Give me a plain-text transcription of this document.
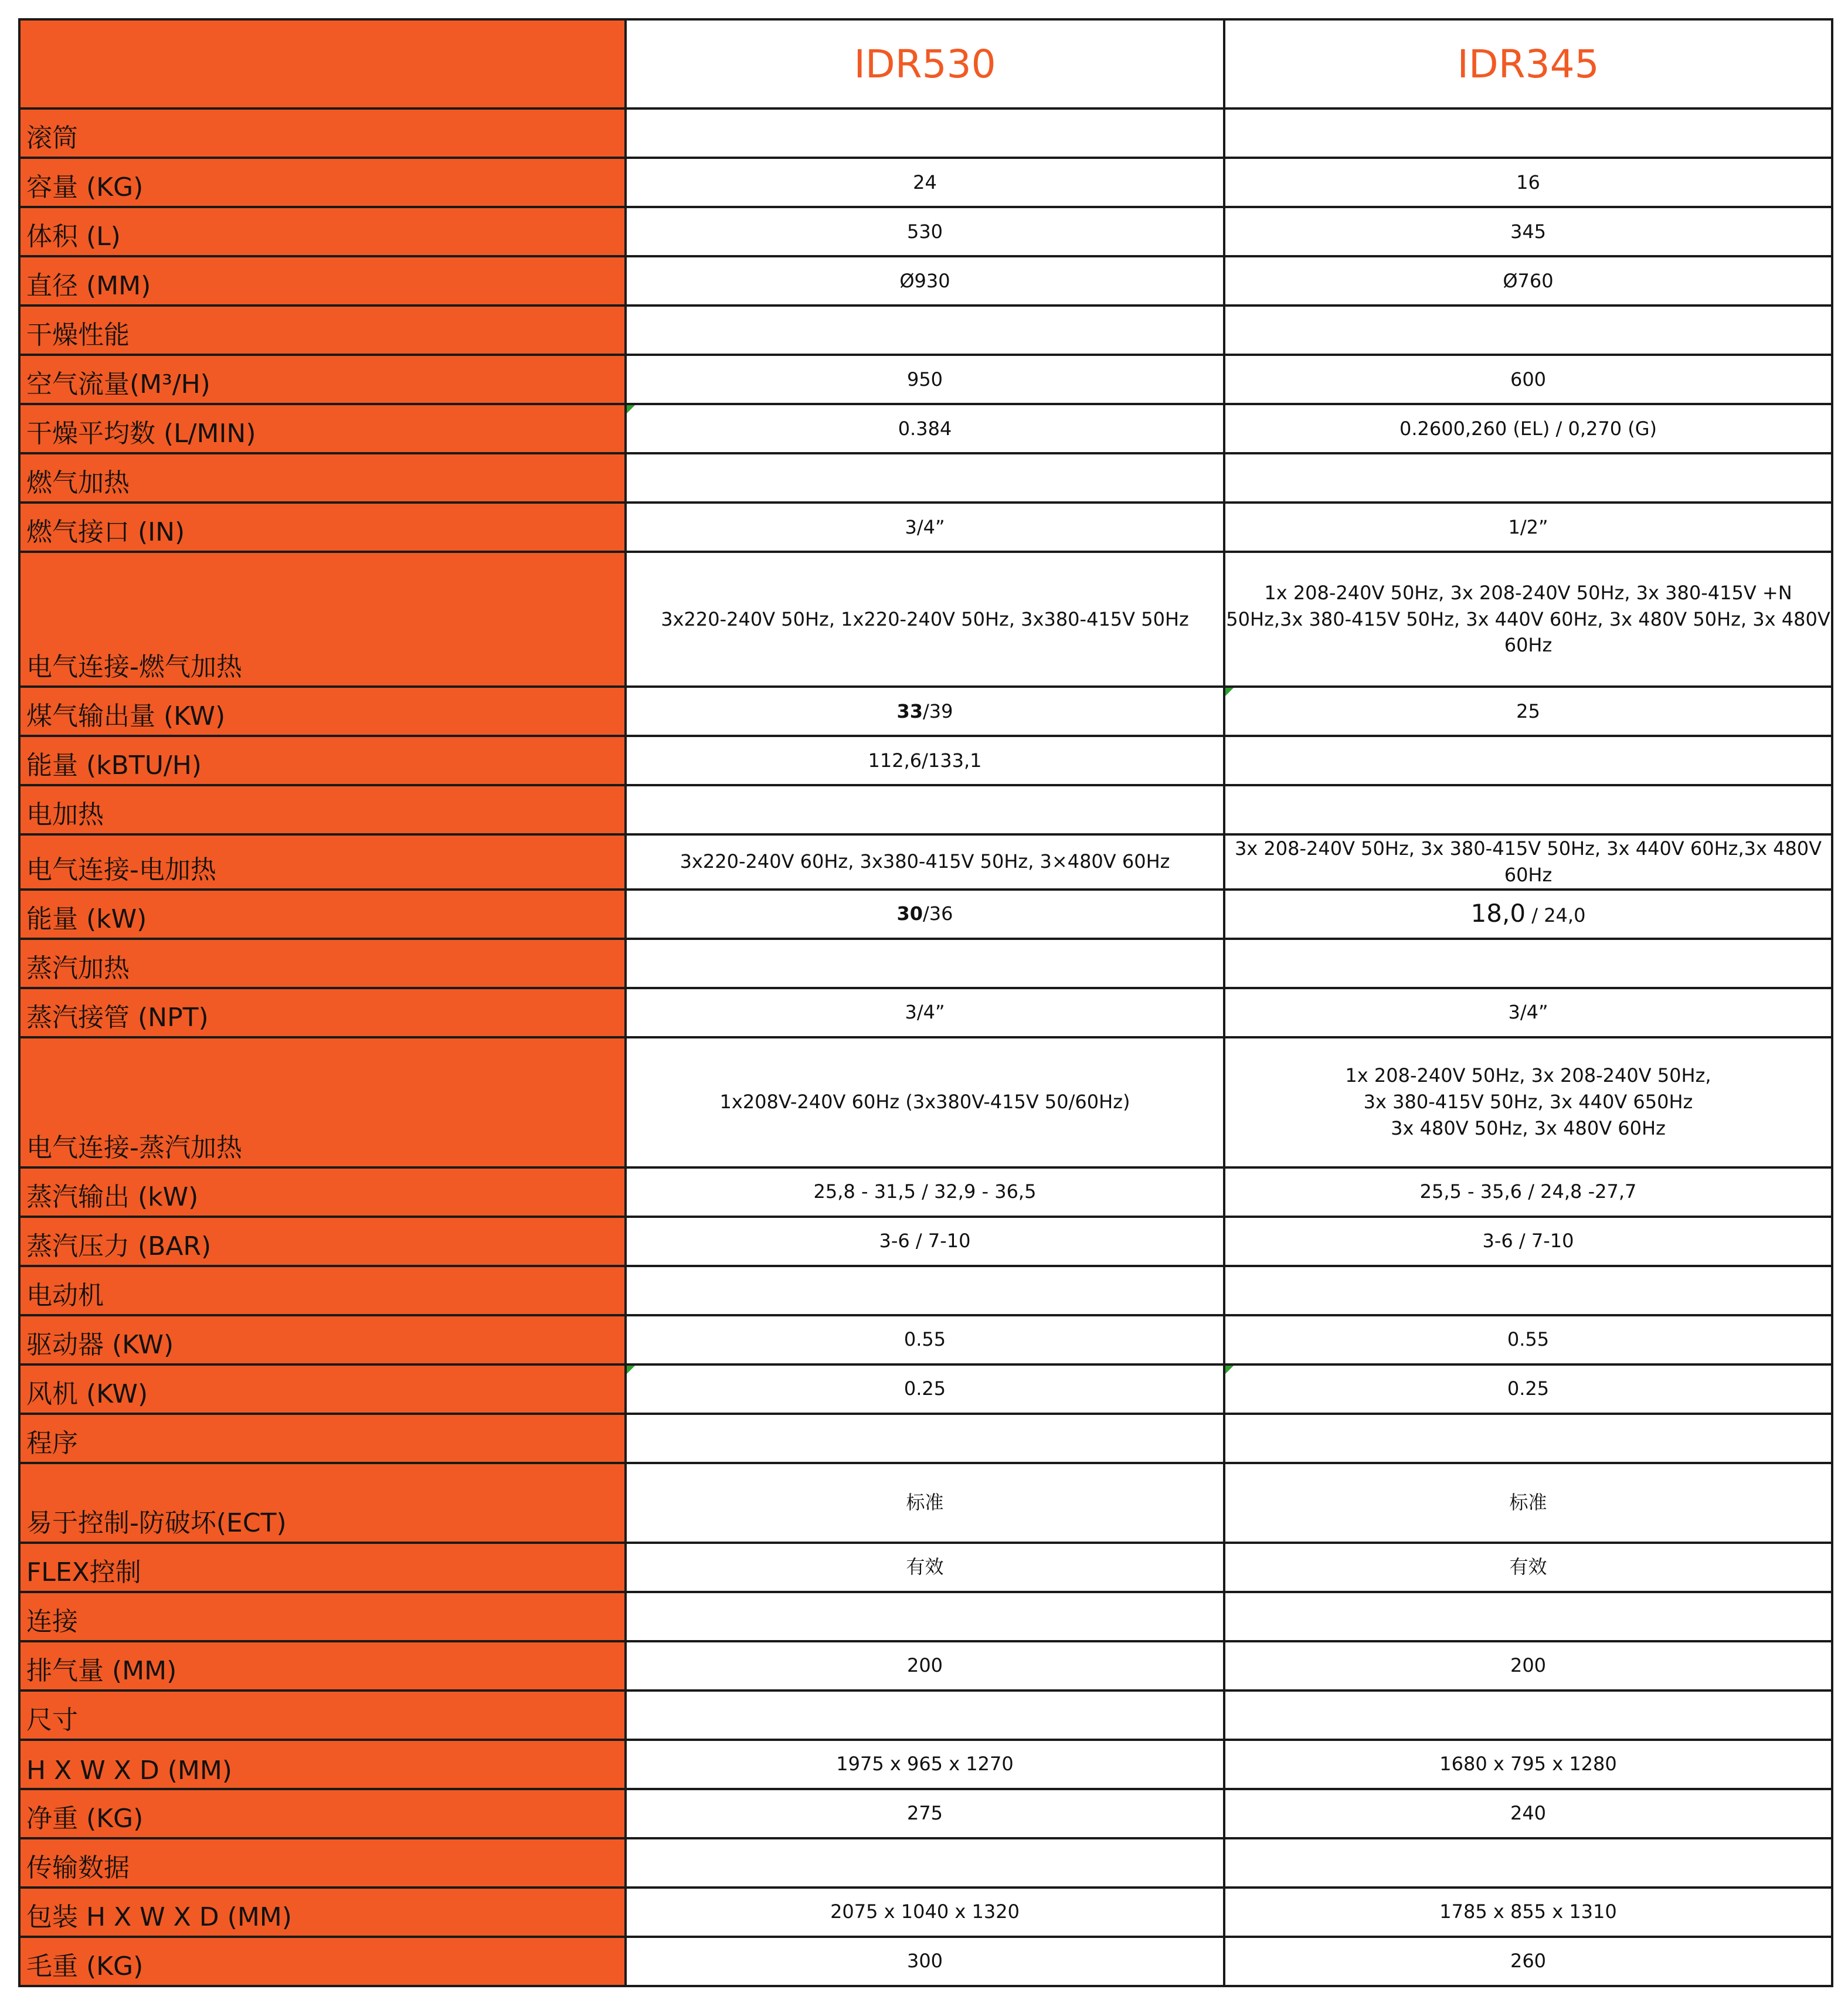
	IDR530	IDR345
滚筒		
容量 (KG)	24	16
体积 (L)	530	345
直径 (MM)	Ø930	Ø760
干燥性能		
空气流量(M³/H)	950	600
干燥平均数 (L/MIN)	0.384	0.2600,260 (EL) / 0,270 (G)
燃气加热		
燃气接口 (IN)	3/4”	1/2”
电气连接-燃气加热	3x220-240V 50Hz, 1x220-240V 50Hz, 3x380-415V 50Hz	1x 208-240V 50Hz, 3x 208-240V 50Hz, 3x 380-415V +N 50Hz,3x 380-415V 50Hz, 3x 440V 60Hz, 3x 480V 50Hz, 3x 480V 60Hz
煤气输出量 (KW)	33/39	25
能量 (kBTU/H)	112,6/133,1	
电加热		
电气连接-电加热	3x220-240V 60Hz, 3x380-415V 50Hz, 3×480V 60Hz	3x 208-240V 50Hz, 3x 380-415V 50Hz, 3x 440V 60Hz,3x 480V 60Hz
能量 (kW)	30/36	18,0 / 24,0
蒸汽加热		
蒸汽接管 (NPT)	3/4”	3/4”
电气连接-蒸汽加热	1x208V-240V 60Hz (3x380V-415V 50/60Hz)	1x 208-240V 50Hz, 3x 208-240V 50Hz,
3x 380-415V 50Hz, 3x 440V 650Hz
3x 480V 50Hz, 3x 480V 60Hz

蒸汽输出 (kW)	25,8 - 31,5 / 32,9 - 36,5	25,5 - 35,6 / 24,8 -27,7
蒸汽压力 (BAR)	3-6 / 7-10	3-6 / 7-10
电动机		
驱动器 (KW)	0.55	0.55
风机 (KW)	0.25	0.25
程序		
易于控制-防破坏(ECT)	标准	标准
FLEX控制	有效	有效
连接		
排气量 (MM)	200	200
尺寸		
H X W X D (MM)	1975 x 965 x 1270	1680 x 795 x 1280
净重 (KG)	275	240
传输数据		
包装 H X W X D (MM)	2075 x 1040 x 1320	1785 x 855 x 1310
毛重 (KG)	300	260
